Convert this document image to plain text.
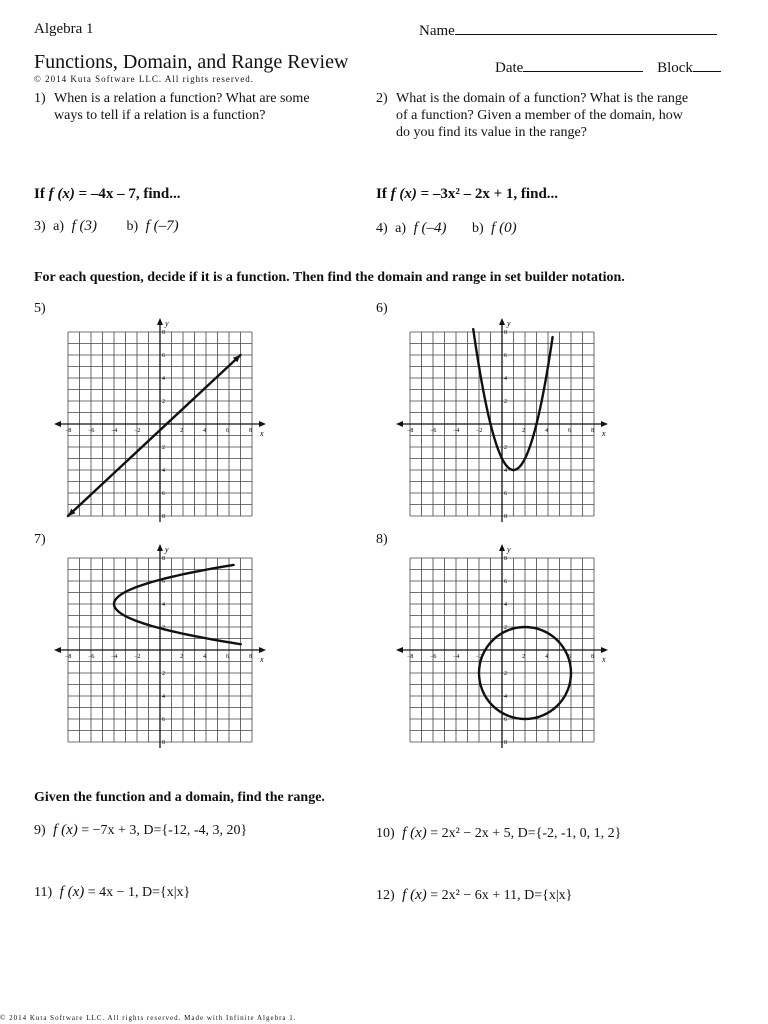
Algebra 1	Name
Functions, Domain, and Range Review
© 2014 Kuta Software LLC. All rights reserved.
Date	Block
1) When is a relation a function? What are some ways to tell if a relation is a function?
2) What is the domain of a function? What is the range of a function? Given a member of the domain, how do you find its value in the range?
If f (x) = –4x – 7, find...	If f (x) = –3x² – 2x + 1, find...
3) a) f (3) b) f (–7)	4) a) f (–4) b) f (0)
For each question, decide if it is a function. Then find the domain and range in set builder notation.
5)	6)
7)	8)
x
y
−8	−6	−4	−2	2	4	6	8
8
6
4
2
2
4
6
8
x
y
−8	−6	−4	−2	2	4	6	8
8
6
4
2
2
4
6
8
x
y
−8	−6	−4	−2	2	4	6	8
8
6
4
2
2
4
6
8
x
y
−8	−6	−4	−2	2	4	6	8
8
6
4
2
2
4
6
8
Given the function and a domain, find the range.
9) f (x) = −7x + 3, D={-12, -4, 3, 20}	10) f (x) = 2x² − 2x + 5, D={-2, -1, 0, 1, 2}
11) f (x) = 4x − 1, D={x|x}	12) f (x) = 2x² − 6x + 11, D={x|x}
© 2014 Kuta Software LLC. All rights reserved. Made with Infinite Algebra 1.
